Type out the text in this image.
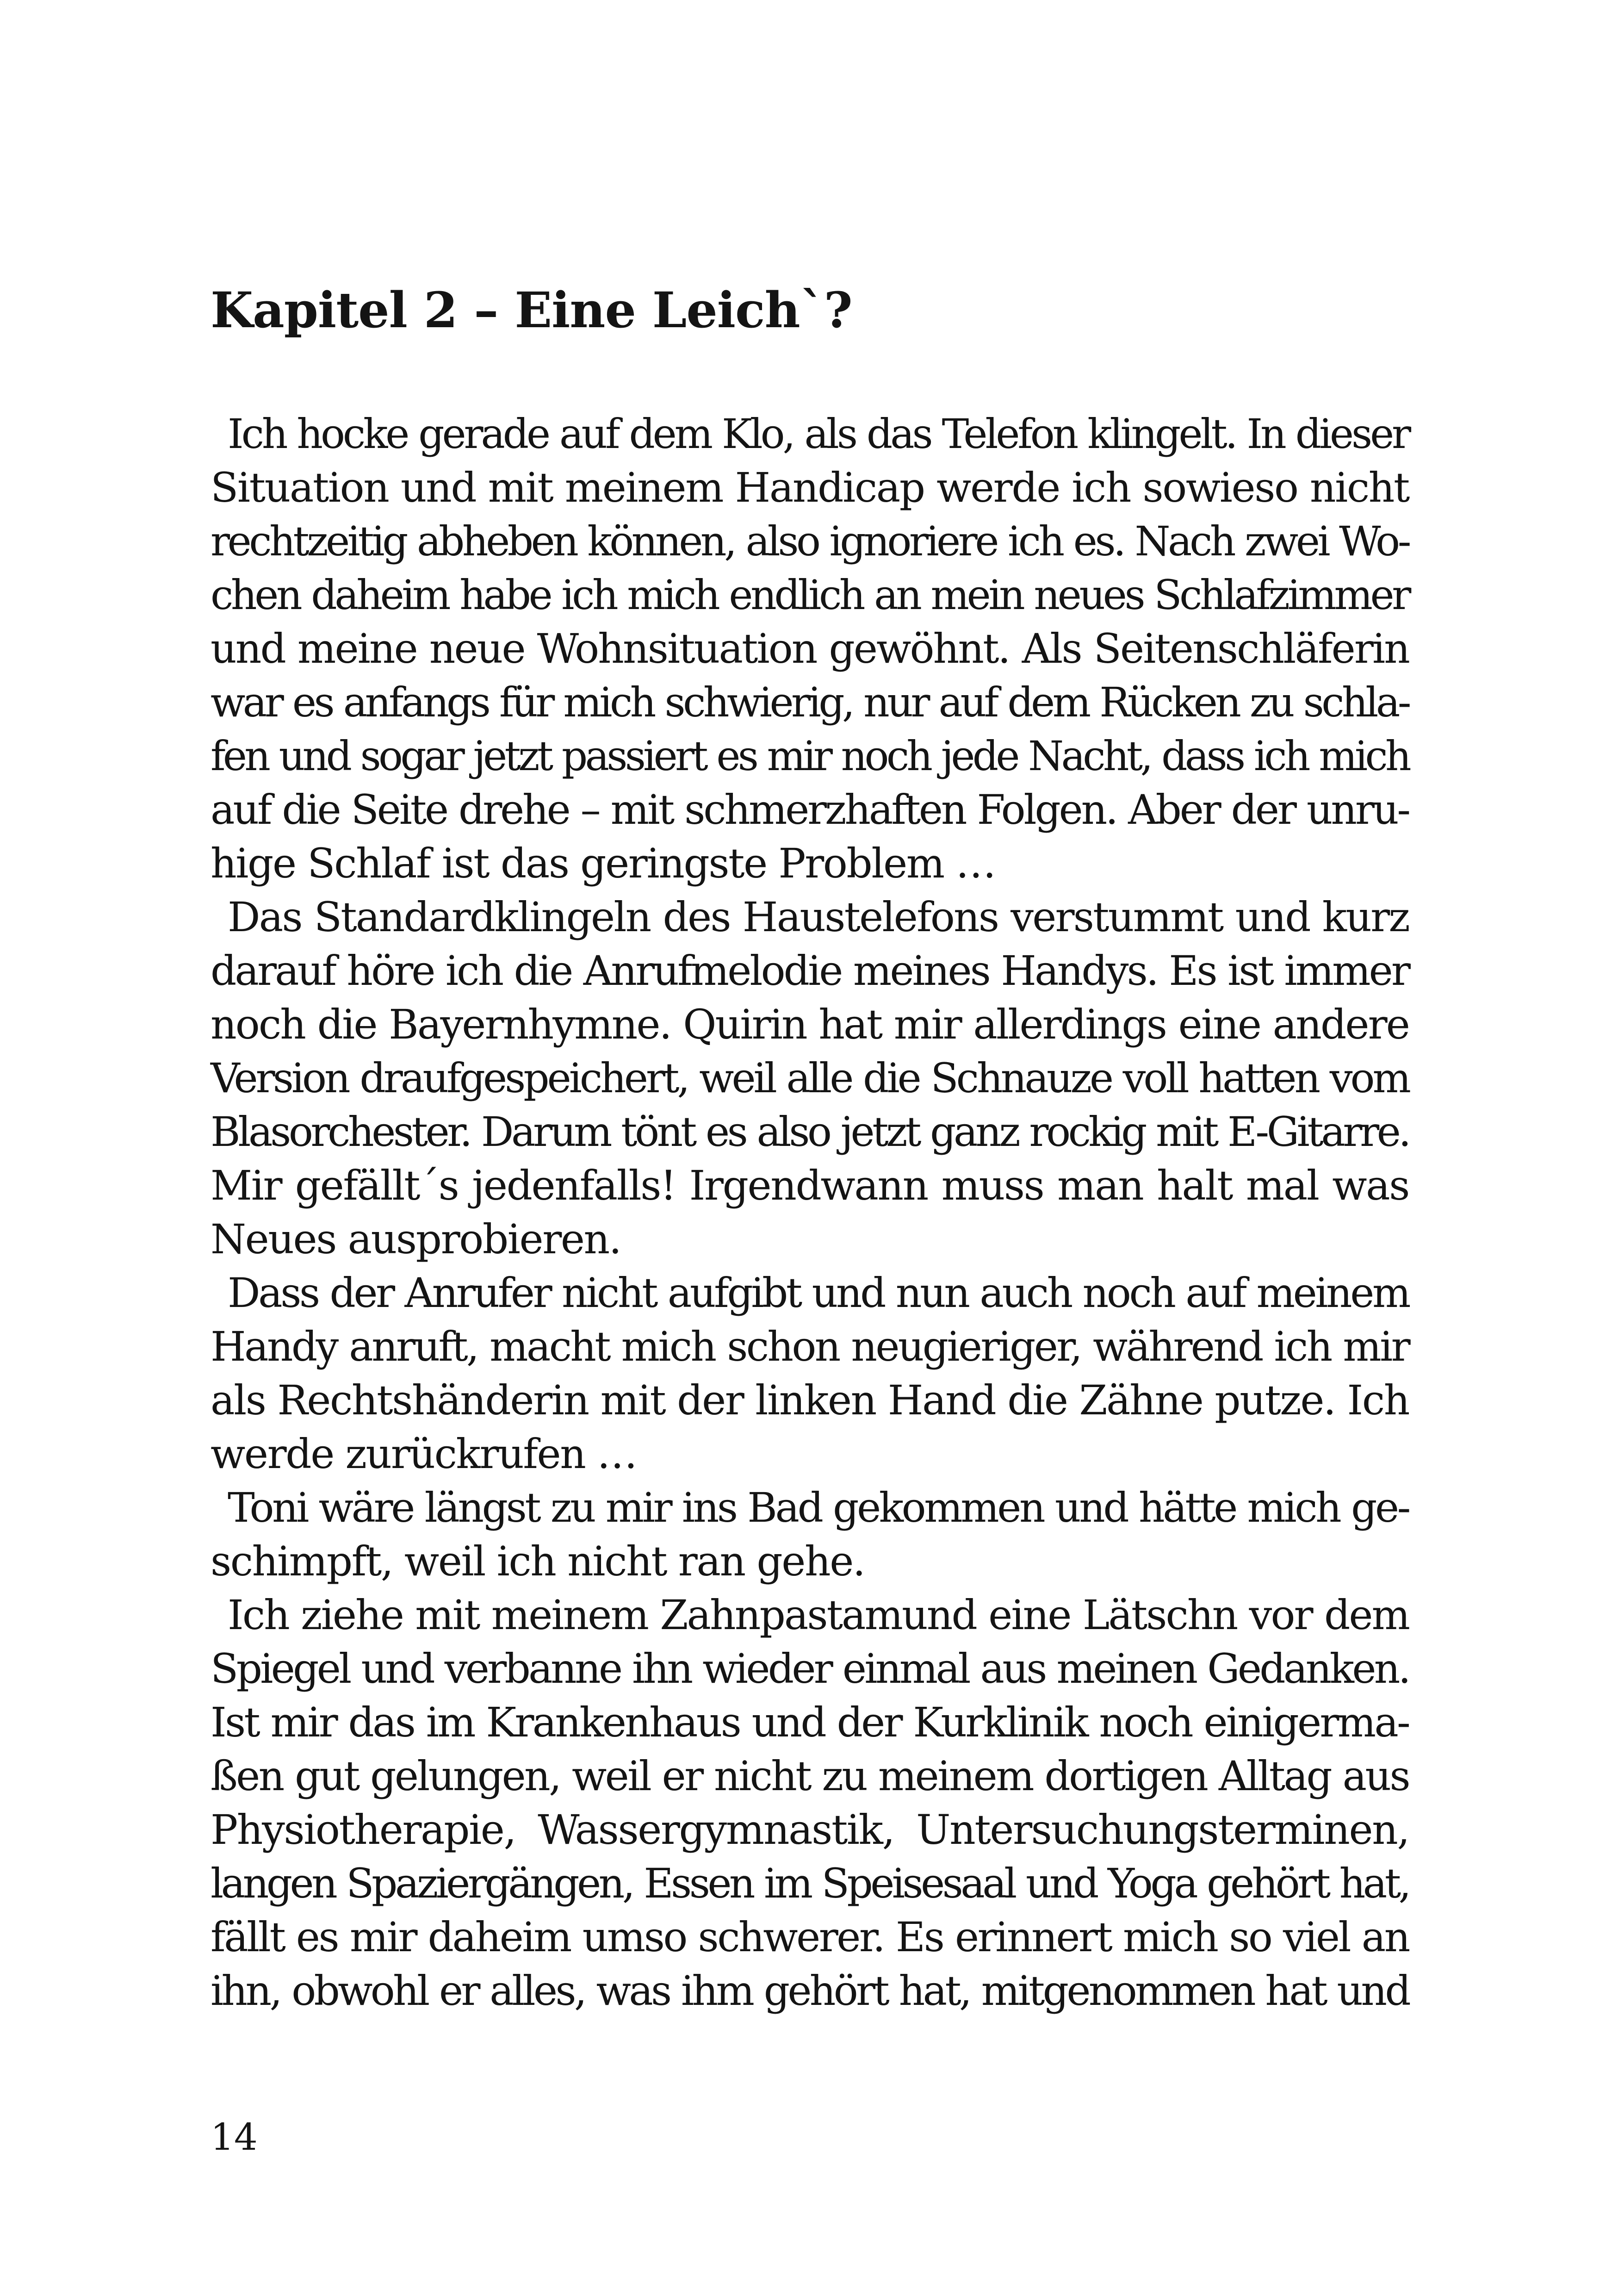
Kapitel 2 – Eine Leich`?
Ich hocke gerade auf dem Klo, als das Telefon klingelt. In dieser
Situation und mit meinem Handicap werde ich sowieso nicht
rechtzeitig abheben können, also ignoriere ich es. Nach zwei Wo-
chen daheim habe ich mich endlich an mein neues Schlafzimmer
und meine neue Wohnsituation gewöhnt. Als Seitenschläferin
war es anfangs für mich schwierig, nur auf dem Rücken zu schla-
fen und sogar jetzt passiert es mir noch jede Nacht, dass ich mich
auf die Seite drehe – mit schmerzhaften Folgen. Aber der unru-
hige Schlaf ist das geringste Problem …
Das Standardklingeln des Haustelefons verstummt und kurz
darauf höre ich die Anrufmelodie meines Handys. Es ist immer
noch die Bayernhymne. Quirin hat mir allerdings eine andere
Version draufgespeichert, weil alle die Schnauze voll hatten vom
Blasorchester. Darum tönt es also jetzt ganz rockig mit E-Gitarre.
Mir gefällt´s jedenfalls! Irgendwann muss man halt mal was
Neues ausprobieren.
Dass der Anrufer nicht aufgibt und nun auch noch auf meinem
Handy anruft, macht mich schon neugieriger, während ich mir
als Rechtshänderin mit der linken Hand die Zähne putze. Ich
werde zurückrufen …
Toni wäre längst zu mir ins Bad gekommen und hätte mich ge-
schimpft, weil ich nicht ran gehe.
Ich ziehe mit meinem Zahnpastamund eine Lätschn vor dem
Spiegel und verbanne ihn wieder einmal aus meinen Gedanken.
Ist mir das im Krankenhaus und der Kurklinik noch einigerma-
ßen gut gelungen, weil er nicht zu meinem dortigen Alltag aus
Physiotherapie, Wassergymnastik, Untersuchungsterminen,
langen Spaziergängen, Essen im Speisesaal und Yoga gehört hat,
fällt es mir daheim umso schwerer. Es erinnert mich so viel an
ihn, obwohl er alles, was ihm gehört hat, mitgenommen hat und

14
